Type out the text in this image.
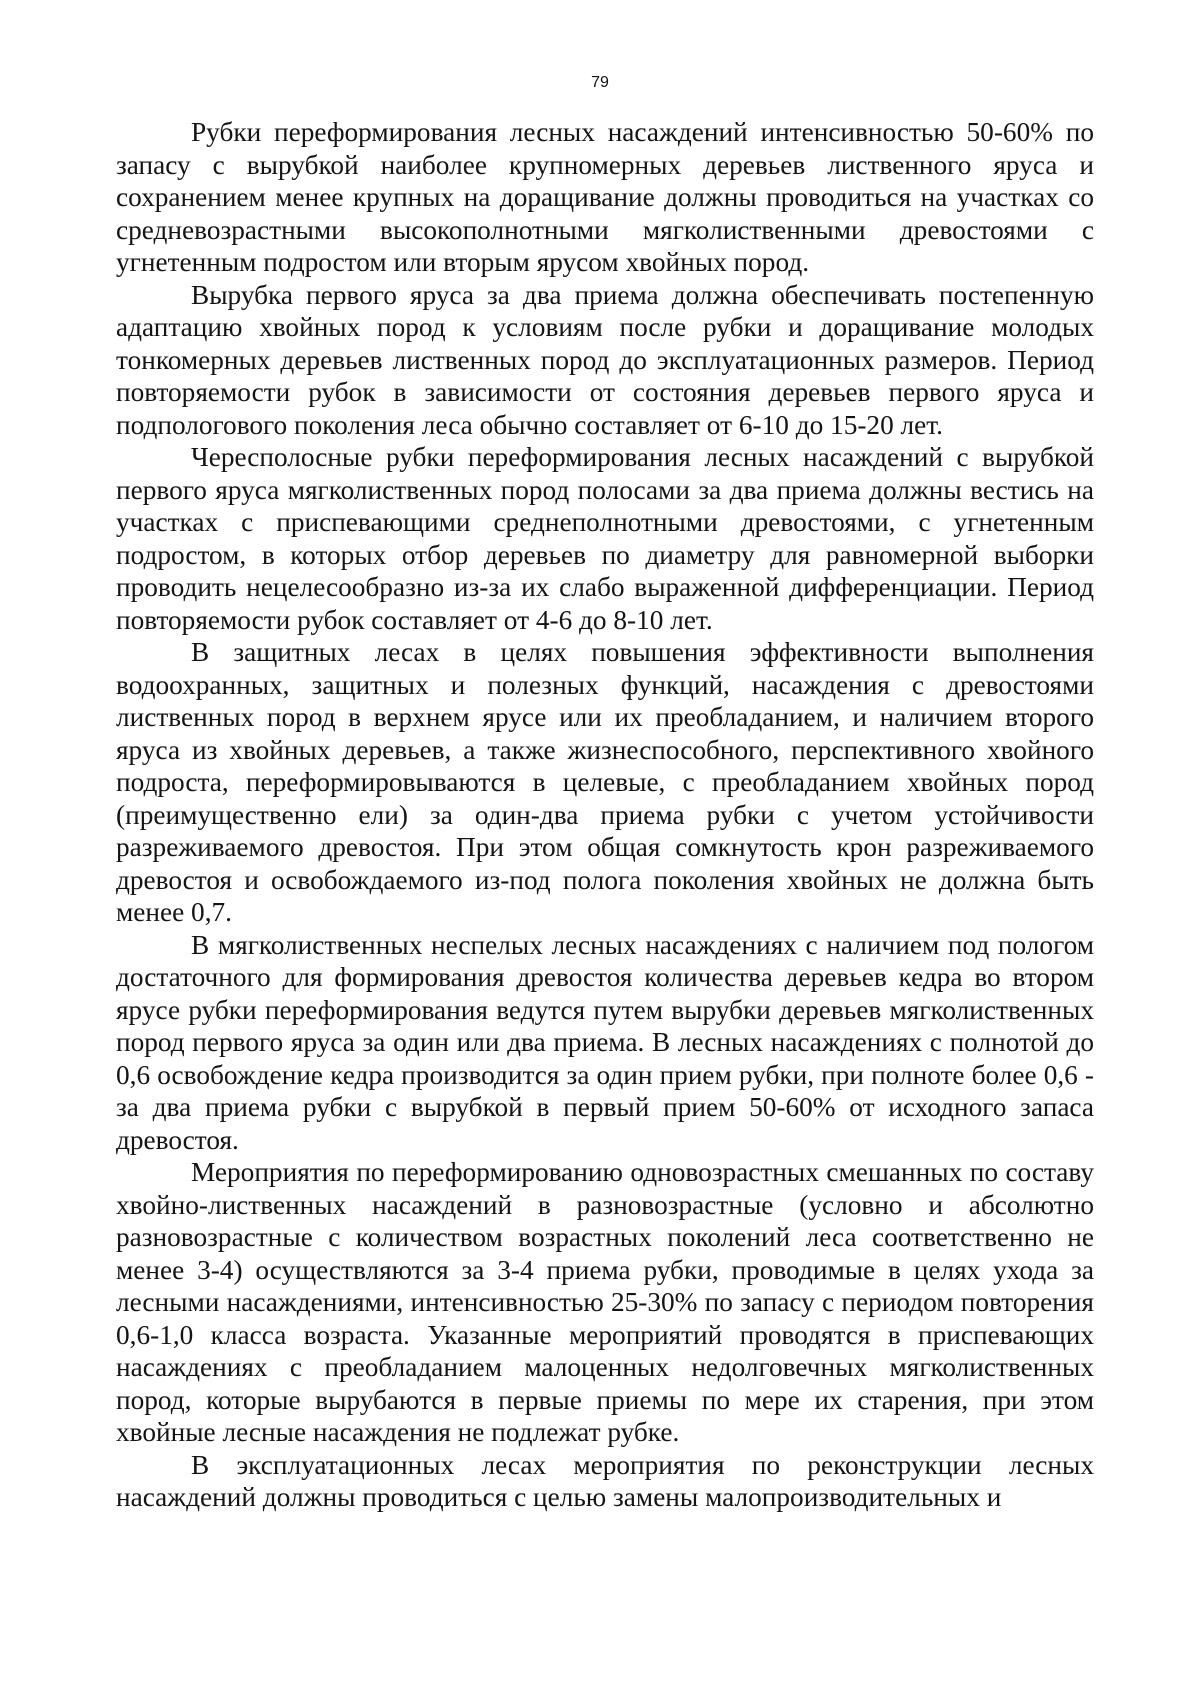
79

Рубки переформирования лесных насаждений интенсивностью 50-60% по запасу с вырубкой наиболее крупномерных деревьев лиственного яруса и сохранением менее крупных на доращивание должны проводиться на участках со средневозрастными высокополнотными мягколиственными древостоями с угнетенным подростом или вторым ярусом хвойных пород.

Вырубка первого яруса за два приема должна обеспечивать постепенную адаптацию хвойных пород к условиям после рубки и доращивание молодых тонкомерных деревьев лиственных пород до эксплуатационных размеров. Период повторяемости рубок в зависимости от состояния деревьев первого яруса и подпологового поколения леса обычно составляет от 6-10 до 15-20 лет.

Чересполосные рубки переформирования лесных насаждений с вырубкой первого яруса мягколиственных пород полосами за два приема должны вестись на участках с приспевающими среднеполнотными древостоями, с угнетенным подростом, в которых отбор деревьев по диаметру для равномерной выборки проводить нецелесообразно из-за их слабо выраженной дифференциации. Период повторяемости рубок составляет от 4-6 до 8-10 лет.

В защитных лесах в целях повышения эффективности выполнения водоохранных, защитных и полезных функций, насаждения с древостоями лиственных пород в верхнем ярусе или их преобладанием, и наличием второго яруса из хвойных деревьев, а также жизнеспособного, перспективного хвойного подроста, переформировываются в целевые, с преобладанием хвойных пород (преимущественно ели) за один-два приема рубки с учетом устойчивости разреживаемого древостоя. При этом общая сомкнутость крон разреживаемого древостоя и освобождаемого из-под полога поколения хвойных не должна быть менее 0,7.

В мягколиственных неспелых лесных насаждениях с наличием под пологом достаточного для формирования древостоя количества деревьев кедра во втором ярусе рубки переформирования ведутся путем вырубки деревьев мягколиственных пород первого яруса за один или два приема. В лесных насаждениях с полнотой до 0,6 освобождение кедра производится за один прием рубки, при полноте более 0,6 - за два приема рубки с вырубкой в первый прием 50-60% от исходного запаса древостоя.

Мероприятия по переформированию одновозрастных смешанных по составу хвойно-лиственных насаждений в разновозрастные (условно и абсолютно разновозрастные с количеством возрастных поколений леса соответственно не менее 3-4) осуществляются за 3-4 приема рубки, проводимые в целях ухода за лесными насаждениями, интенсивностью 25-30% по запасу с периодом повторения 0,6-1,0 класса возраста. Указанные мероприятий проводятся в приспевающих насаждениях с преобладанием малоценных недолговечных мягколиственных пород, которые вырубаются в первые приемы по мере их старения, при этом хвойные лесные насаждения не подлежат рубке.

В эксплуатационных лесах мероприятия по реконструкции лесных насаждений должны проводиться с целью замены малопроизводительных и
